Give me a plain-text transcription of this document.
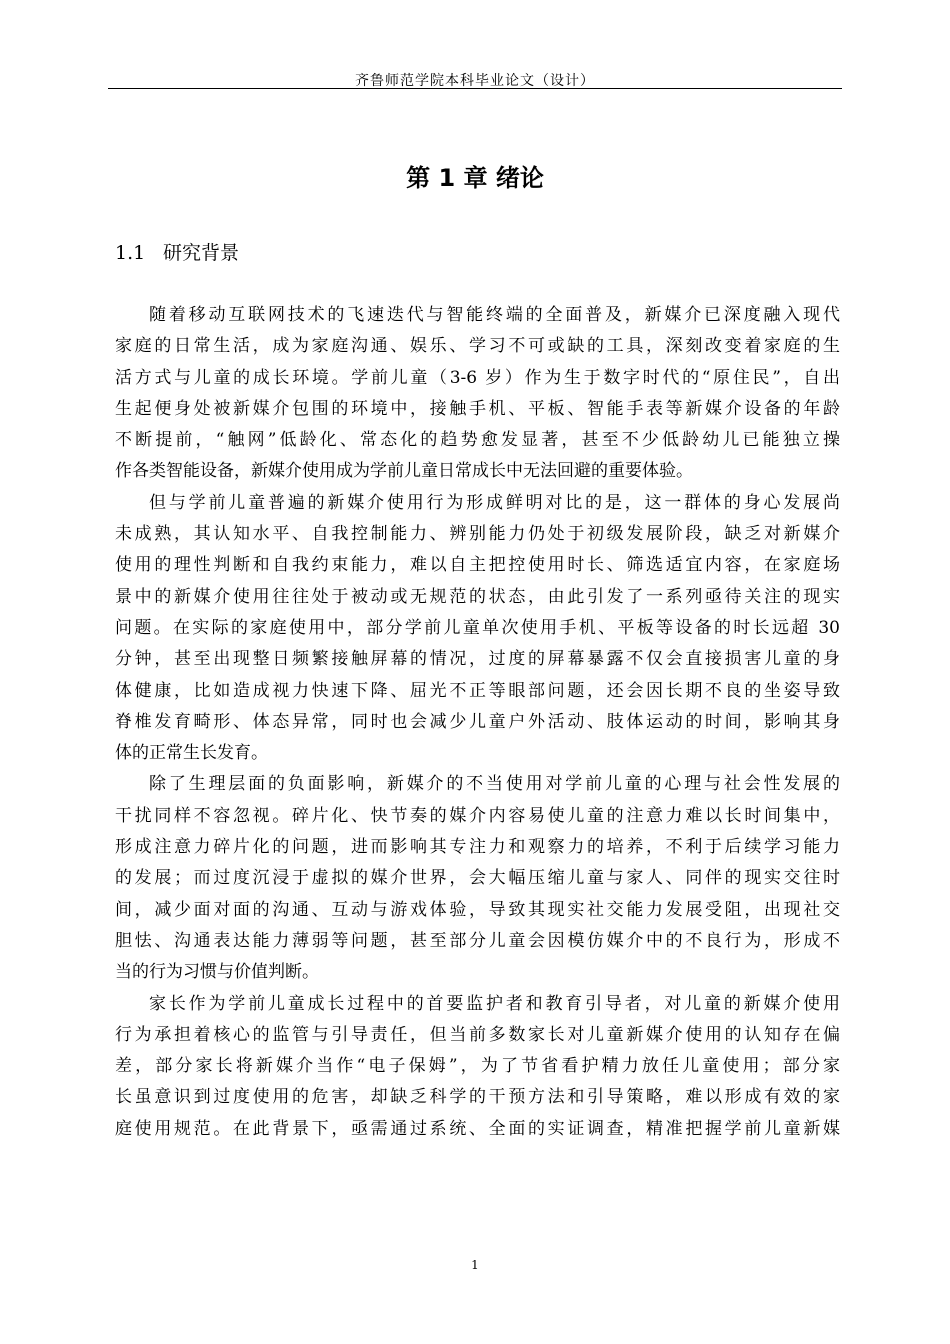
齐鲁师范学院本科毕业论文（设计）
第 1 章 绪论
1.1 研究背景
随着移动互联网技术的飞速迭代与智能终端的全面普及，新媒介已深度融入现代
家庭的日常生活，成为家庭沟通、娱乐、学习不可或缺的工具，深刻改变着家庭的生
活方式与儿童的成长环境。学前儿童（3-6 岁）作为生于数字时代的“原住民”，自出
生起便身处被新媒介包围的环境中，接触手机、平板、智能手表等新媒介设备的年龄
不断提前，“触网”低龄化、常态化的趋势愈发显著，甚至不少低龄幼儿已能独立操
作各类智能设备，新媒介使用成为学前儿童日常成长中无法回避的重要体验。
但与学前儿童普遍的新媒介使用行为形成鲜明对比的是，这一群体的身心发展尚
未成熟，其认知水平、自我控制能力、辨别能力仍处于初级发展阶段，缺乏对新媒介
使用的理性判断和自我约束能力，难以自主把控使用时长、筛选适宜内容，在家庭场
景中的新媒介使用往往处于被动或无规范的状态，由此引发了一系列亟待关注的现实
问题。在实际的家庭使用中，部分学前儿童单次使用手机、平板等设备的时长远超 30
分钟，甚至出现整日频繁接触屏幕的情况，过度的屏幕暴露不仅会直接损害儿童的身
体健康，比如造成视力快速下降、屈光不正等眼部问题，还会因长期不良的坐姿导致
脊椎发育畸形、体态异常，同时也会减少儿童户外活动、肢体运动的时间，影响其身
体的正常生长发育。
除了生理层面的负面影响，新媒介的不当使用对学前儿童的心理与社会性发展的
干扰同样不容忽视。碎片化、快节奏的媒介内容易使儿童的注意力难以长时间集中，
形成注意力碎片化的问题，进而影响其专注力和观察力的培养，不利于后续学习能力
的发展；而过度沉浸于虚拟的媒介世界，会大幅压缩儿童与家人、同伴的现实交往时
间，减少面对面的沟通、互动与游戏体验，导致其现实社交能力发展受阻，出现社交
胆怯、沟通表达能力薄弱等问题，甚至部分儿童会因模仿媒介中的不良行为，形成不
当的行为习惯与价值判断。
家长作为学前儿童成长过程中的首要监护者和教育引导者，对儿童的新媒介使用
行为承担着核心的监管与引导责任，但当前多数家长对儿童新媒介使用的认知存在偏
差，部分家长将新媒介当作“电子保姆”，为了节省看护精力放任儿童使用；部分家
长虽意识到过度使用的危害，却缺乏科学的干预方法和引导策略，难以形成有效的家
庭使用规范。在此背景下，亟需通过系统、全面的实证调查，精准把握学前儿童新媒
1
